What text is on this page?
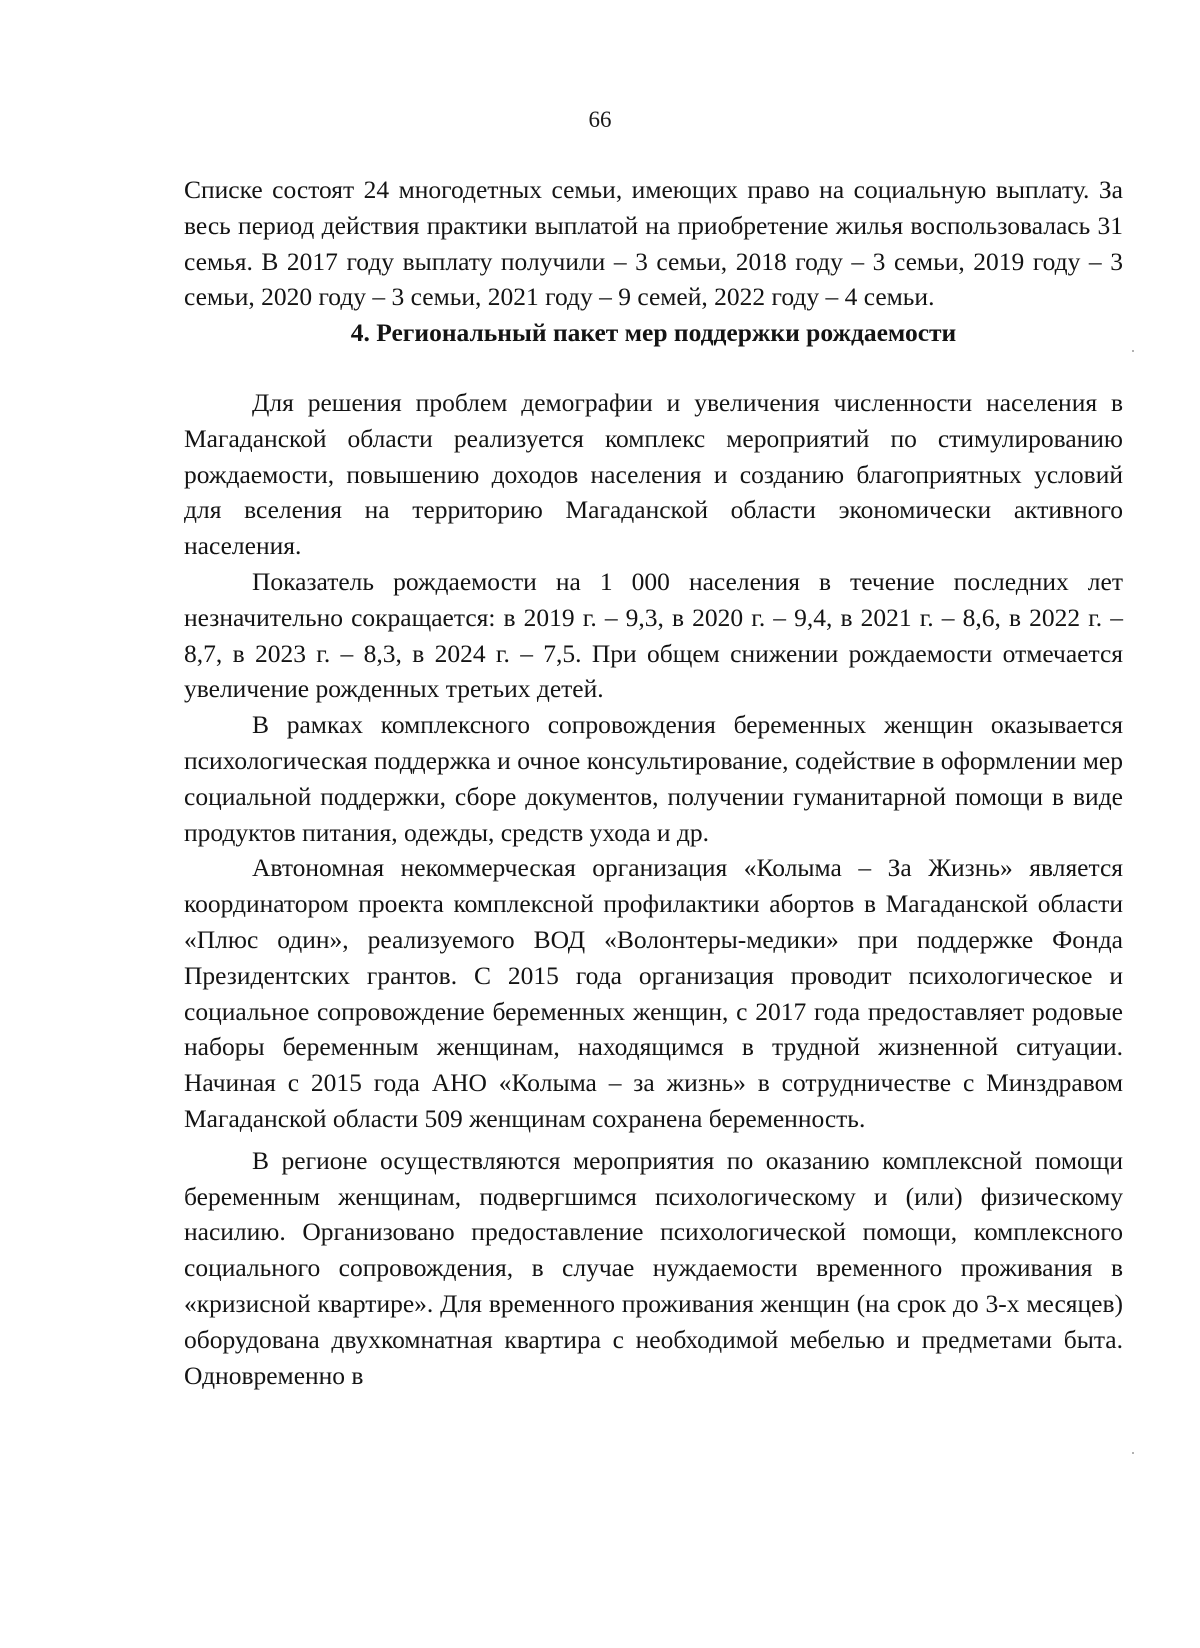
66

Списке состоят 24 многодетных семьи, имеющих право на социальную выплату. За весь период действия практики выплатой на приобретение жилья воспользовалась 31 семья. В 2017 году выплату получили – 3 семьи, 2018 году – 3 семьи, 2019 году – 3 семьи, 2020 году – 3 семьи, 2021 году – 9 семей, 2022 году – 4 семьи.

4. Региональный пакет мер поддержки рождаемости

Для решения проблем демографии и увеличения численности населения в Магаданской области реализуется комплекс мероприятий по стимулированию рождаемости, повышению доходов населения и созданию благоприятных условий для вселения на территорию Магаданской области экономически активного населения.

Показатель рождаемости на 1 000 населения в течение последних лет незначительно сокращается: в 2019 г. – 9,3, в 2020 г. – 9,4, в 2021 г. – 8,6, в 2022 г. – 8,7, в 2023 г. – 8,3, в 2024 г. – 7,5. При общем снижении рождаемости отмечается увеличение рожденных третьих детей.

В рамках комплексного сопровождения беременных женщин оказывается психологическая поддержка и очное консультирование, содействие в оформлении мер социальной поддержки, сборе документов, получении гуманитарной помощи в виде продуктов питания, одежды, средств ухода и др.

Автономная некоммерческая организация «Колыма – За Жизнь» является координатором проекта комплексной профилактики абортов в Магаданской области «Плюс один», реализуемого ВОД «Волонтеры-медики» при поддержке Фонда Президентских грантов. С 2015 года организация проводит психологическое и социальное сопровождение беременных женщин, с 2017 года предоставляет родовые наборы беременным женщинам, находящимся в трудной жизненной ситуации. Начиная с 2015 года АНО «Колыма – за жизнь» в сотрудничестве с Минздравом Магаданской области 509 женщинам сохранена беременность.

В регионе осуществляются мероприятия по оказанию комплексной помощи беременным женщинам, подвергшимся психологическому и (или) физическому насилию. Организовано предоставление психологической помощи, комплексного социального сопровождения, в случае нуждаемости временного проживания в «кризисной квартире». Для временного проживания женщин (на срок до 3-х месяцев) оборудована двухкомнатная квартира с необходимой мебелью и предметами быта. Одновременно в
